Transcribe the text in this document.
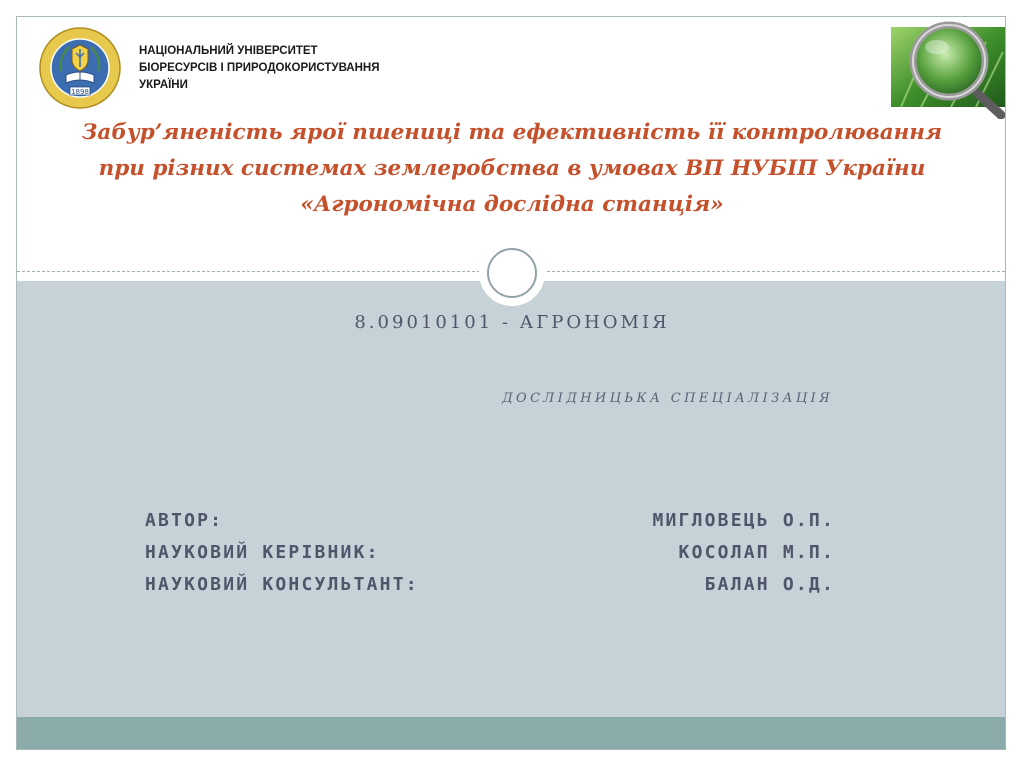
1898
НАЦІОНАЛЬНИЙ УНІВЕРСИТЕТ
БІОРЕСУРСІВ І ПРИРОДОКОРИСТУВАННЯ
УКРАЇНИ
Забур’яненість ярої пшениці та ефективність її контролювання при різних системах землеробства в умовах ВП НУБІП України «Агрономічна дослідна станція»
8.09010101 - АГРОНОМІЯ
ДОСЛІДНИЦЬКА СПЕЦІАЛІЗАЦІЯ
АВТОР:	МИГЛОВЕЦЬ О.П.
НАУКОВИЙ КЕРІВНИК:	КОСОЛАП М.П.
НАУКОВИЙ КОНСУЛЬТАНТ:	БАЛАН О.Д.
